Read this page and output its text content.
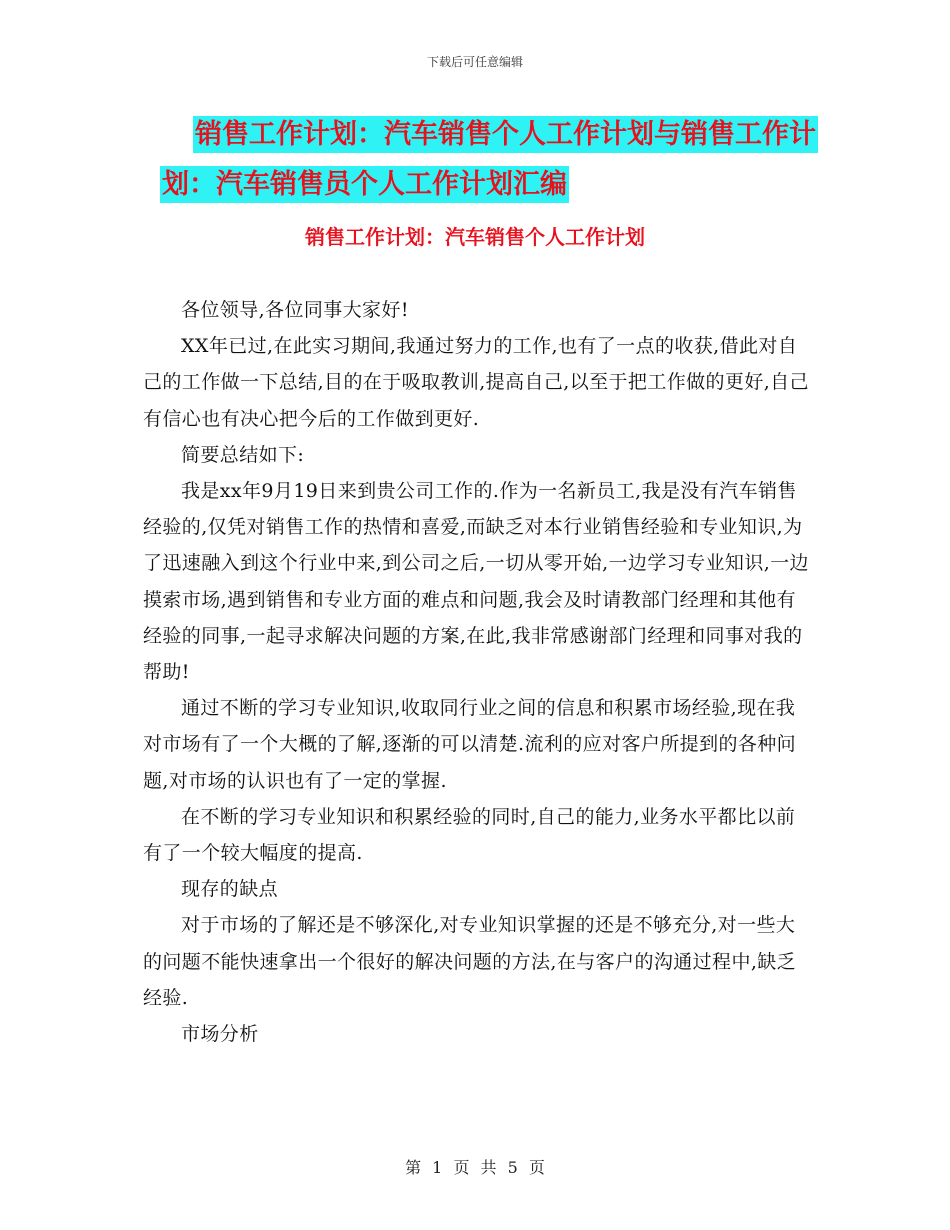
下载后可任意编辑
销售工作计划：汽车销售个人工作计划与销售工作计
划：汽车销售员个人工作计划汇编
销售工作计划：汽车销售个人工作计划

各位领导,各位同事大家好!

XX年已过,在此实习期间,我通过努力的工作,也有了一点的收获,借此对自己的工作做一下总结,目的在于吸取教训,提高自己,以至于把工作做的更好,自己有信心也有决心把今后的工作做到更好.

简要总结如下:

我是xx年9月19日来到贵公司工作的.作为一名新员工,我是没有汽车销售经验的,仅凭对销售工作的热情和喜爱,而缺乏对本行业销售经验和专业知识,为了迅速融入到这个行业中来,到公司之后,一切从零开始,一边学习专业知识,一边摸索市场,遇到销售和专业方面的难点和问题,我会及时请教部门经理和其他有经验的同事,一起寻求解决问题的方案,在此,我非常感谢部门经理和同事对我的帮助!

通过不断的学习专业知识,收取同行业之间的信息和积累市场经验,现在我对市场有了一个大概的了解,逐渐的可以清楚.流利的应对客户所提到的各种问题,对市场的认识也有了一定的掌握.

在不断的学习专业知识和积累经验的同时,自己的能力,业务水平都比以前有了一个较大幅度的提高.

现存的缺点

对于市场的了解还是不够深化,对专业知识掌握的还是不够充分,对一些大的问题不能快速拿出一个很好的解决问题的方法,在与客户的沟通过程中,缺乏经验.

市场分析

第 1 页 共 5 页
